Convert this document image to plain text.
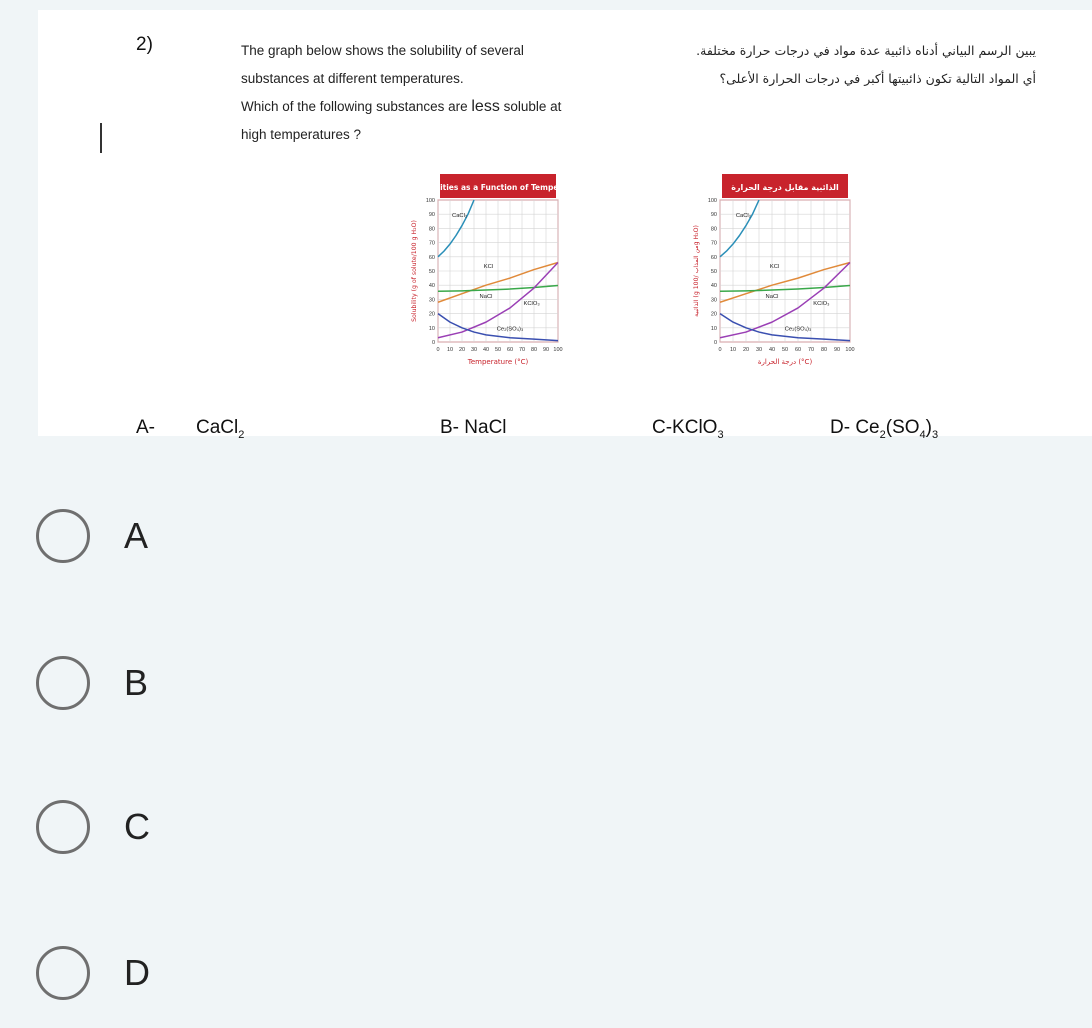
2)	The graph below shows the solubility of several
substances at different temperatures.
Which of the following substances are less soluble at
high temperatures ?
يبين الرسم البياني أدناه ذائبية عدة مواد في درجات حرارة مختلفة.
أي المواد التالية تكون ذائبيتها أكبر في درجات الحرارة الأعلى؟
Solubilities as a Function of Temperature
0 10 20 30 40 50 60 70 80 90 100
0
10
20
30
40
50
60
70
80
90
100
Temperature (°C)
Solubility (g of solute/100 g H₂O)
CaCl₂
KCl
NaCl
KClO₃
Ce₂(SO₄)₃
الذائبية مقابل درجة الحرارة
0 10 20 30 40 50 60 70 80 90 100
0
10
20
30
40
50
60
70
80
90
100
درجة الحرارة (°C)
الذائبية (g من المذاب /100g H₂O)
CaCl₂
KCl
NaCl
KClO₃
Ce₂(SO₄)₃
A- CaCl$_2$	B- NaCl	C-KClO$_3$	D- $Ce_2(SO_4)_3$
A
B
C
D
